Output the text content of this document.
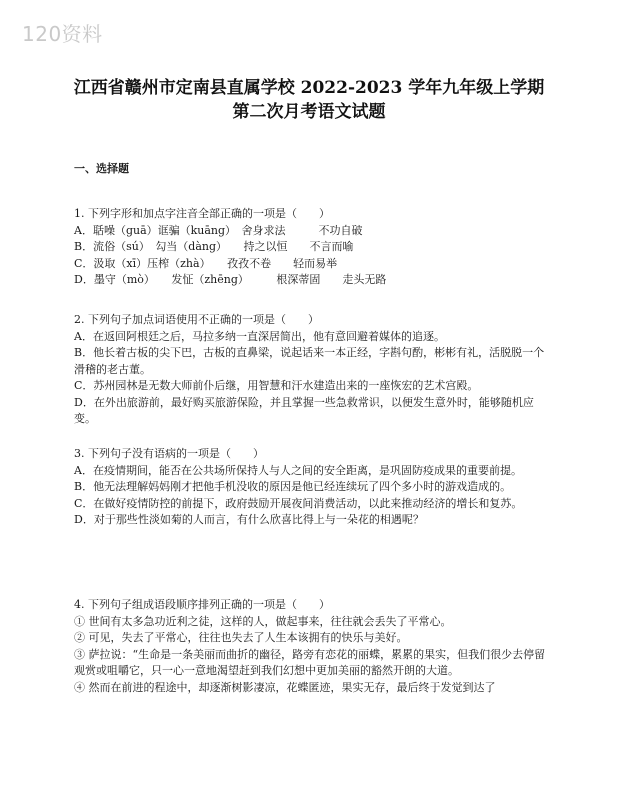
120资料
江西省赣州市定南县直属学校 2022-2023 学年九年级上学期
第二次月考语文试题
一、选择题
1. 下列字形和加点字注音全部正确的一项是（　　）
A．聒噪（guā）诓骗（kuāng）　舍身求法　　　不功自破
B．流俗（sú）　勾当（dàng）　　持之以恒　　不言而喻
C．汲取（xī）压榨（zhà）　　孜孜不卷　　轻而易举
D．墨守（mò）　　发怔（zhēng）　　　根深蒂固　　走头无路
2. 下列句子加点词语使用不正确的一项是（　　）
A．在返回阿根廷之后，马拉多纳一直深居简出，他有意回避着媒体的追逐。
B．他长着古板的尖下巴，古板的直鼻梁，说起话来一本正经，字斟句酌，彬彬有礼，活脱脱一个滑稽的老古董。
C．苏州园林是无数大师前仆后继，用智慧和汗水建造出来的一座恢宏的艺术宫殿。
D．在外出旅游前，最好购买旅游保险，并且掌握一些急救常识，以便发生意外时，能够随机应变。
3. 下列句子没有语病的一项是（　　）
A．在疫情期间，能否在公共场所保持人与人之间的安全距离，是巩固防疫成果的重要前提。
B．他无法理解妈妈刚才把他手机没收的原因是他已经连续玩了四个多小时的游戏造成的。
C．在做好疫情防控的前提下，政府鼓励开展夜间消费活动，以此来推动经济的增长和复苏。
D．对于那些性淡如菊的人而言，有什么欣喜比得上与一朵花的相遇呢？
4. 下列句子组成语段顺序排列正确的一项是（　　）
① 世间有太多急功近利之徒，这样的人，做起事来，往往就会丢失了平常心。
② 可见，失去了平常心，往往也失去了人生本该拥有的快乐与美好。
③ 萨拉说：“生命是一条美丽而曲折的幽径，路旁有恋花的丽蝶，累累的果实，但我们很少去停留观赏或咀嚼它，只一心一意地渴望赶到我们幻想中更加美丽的豁然开朗的大道。
④ 然而在前进的程途中，却逐渐树影凄凉，花蝶匿迹，果实无存，最后终于发觉到达了
